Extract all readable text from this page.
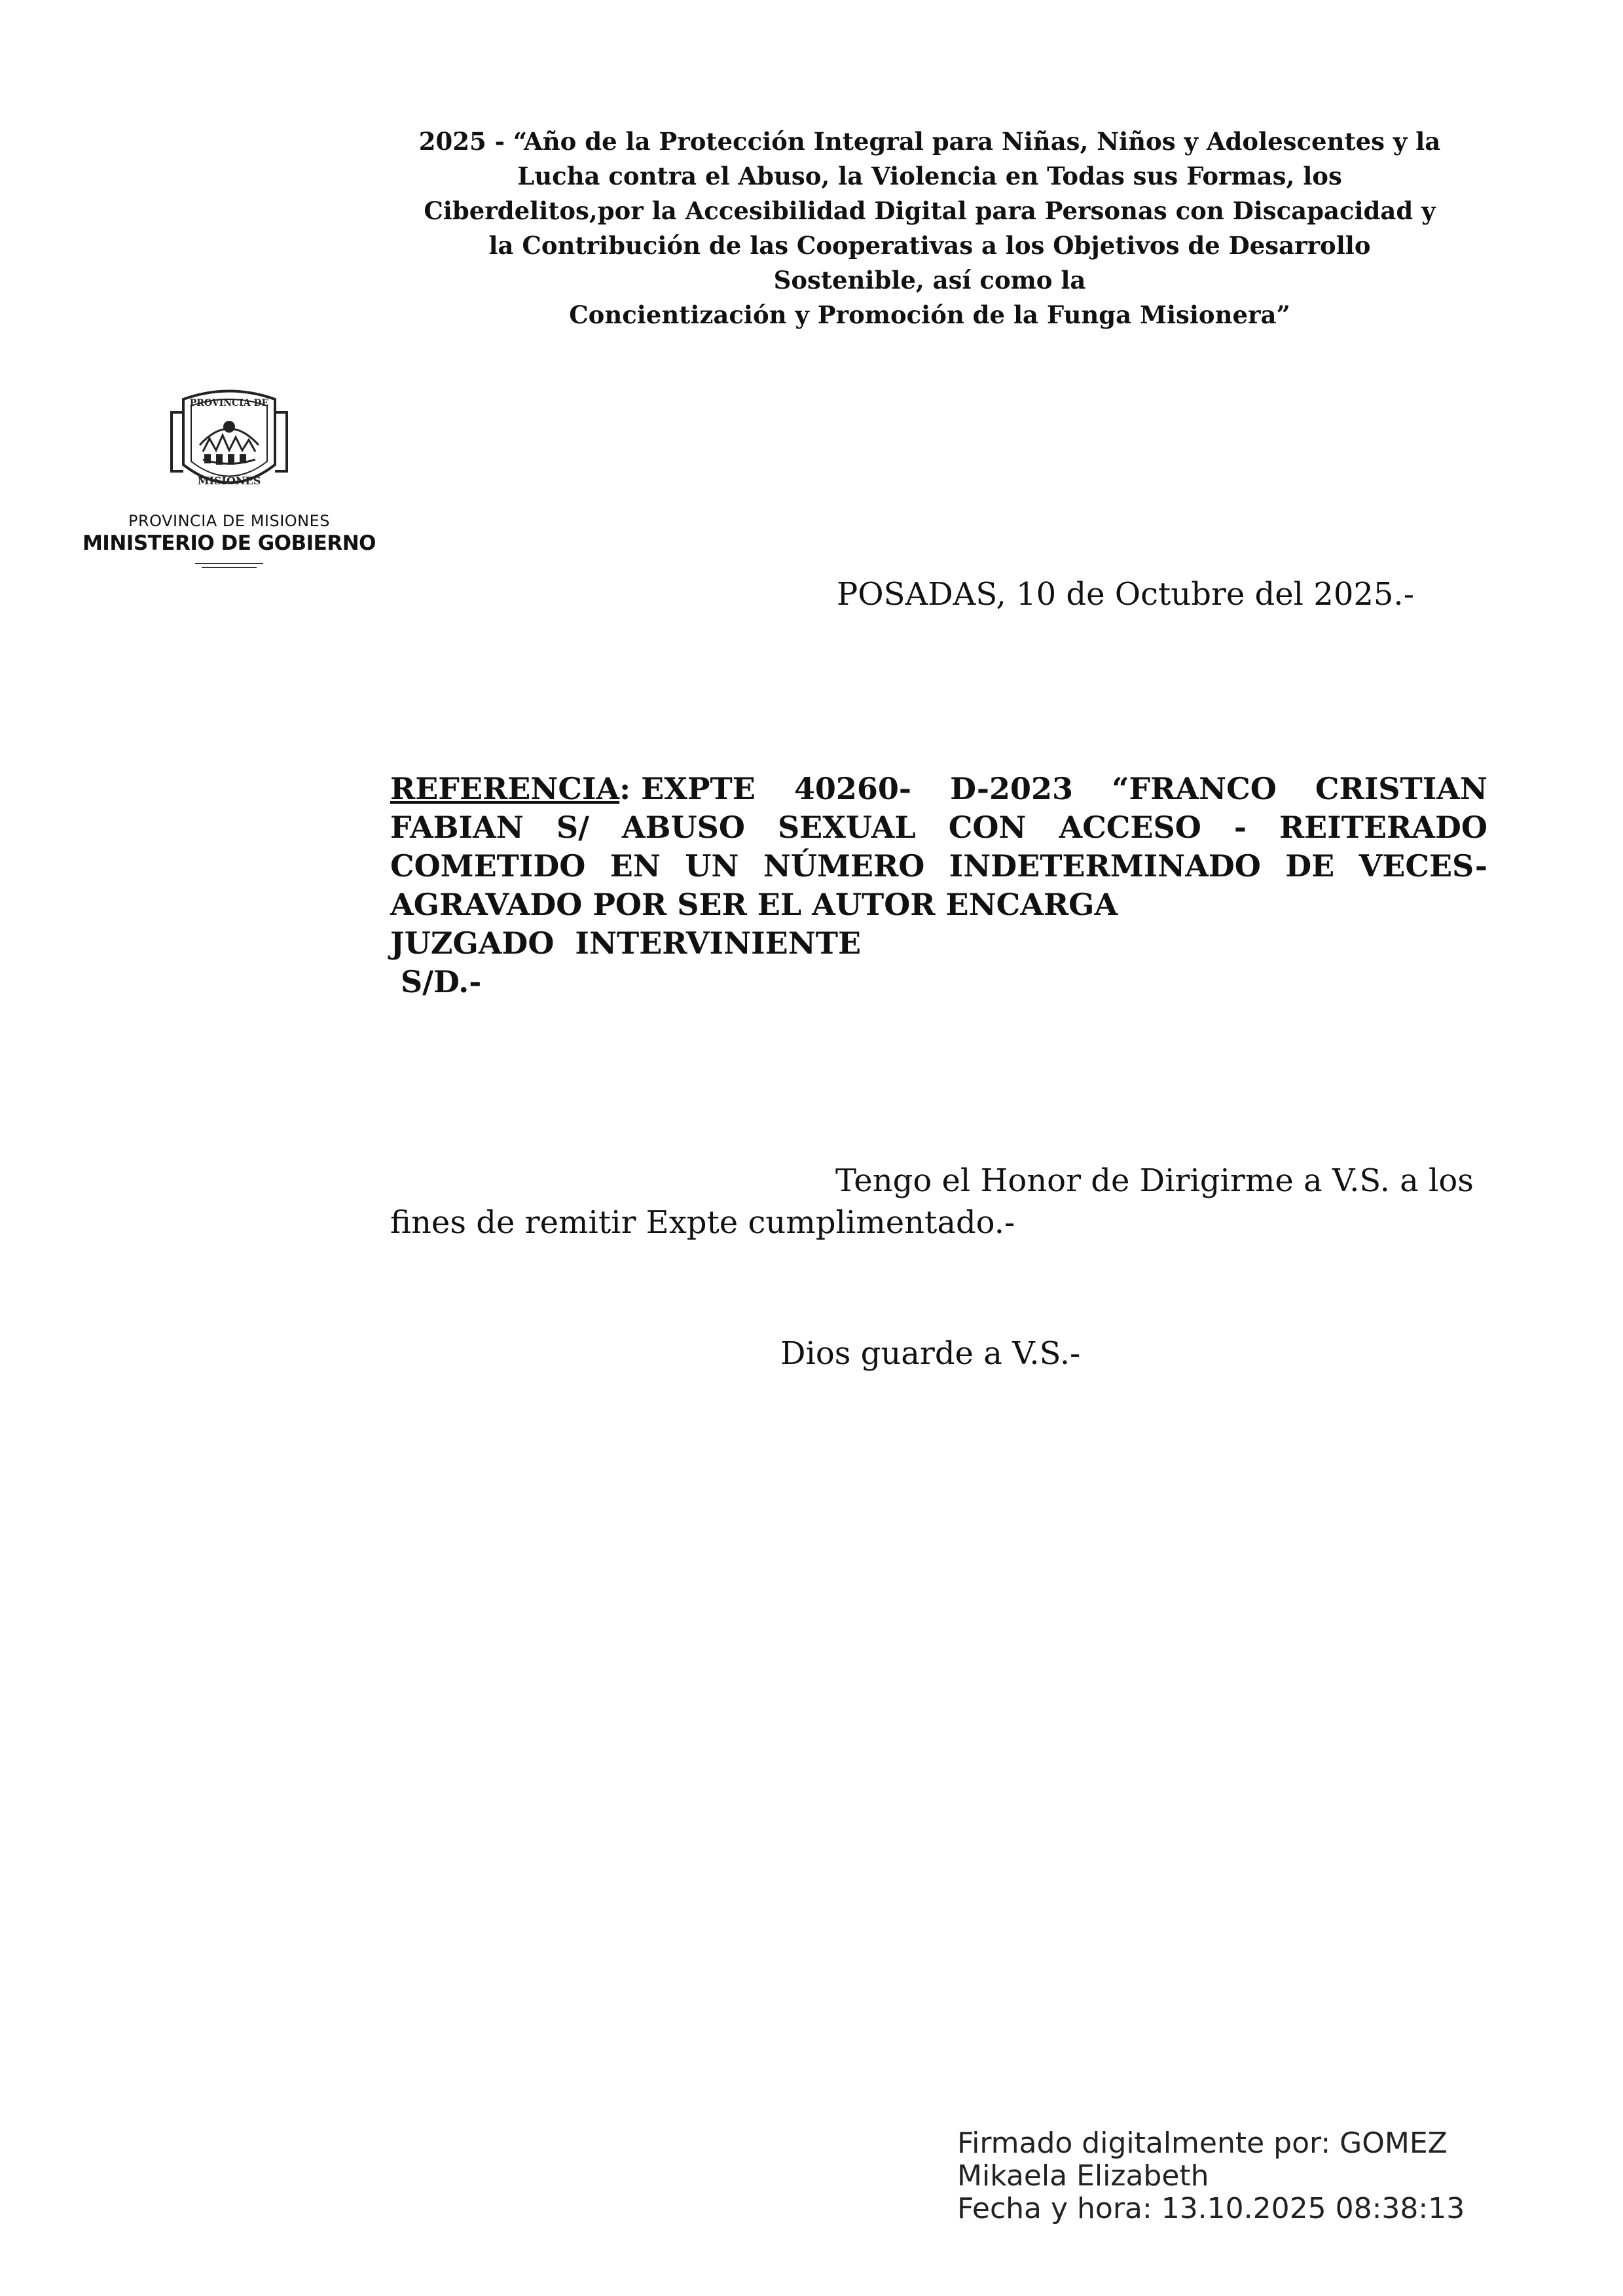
2025 - “Año de la Protección Integral para Niñas, Niños y Adolescentes y la
Lucha contra el Abuso, la Violencia en Todas sus Formas, los
Ciberdelitos,por la Accesibilidad Digital para Personas con Discapacidad y
la Contribución de las Cooperativas a los Objetivos de Desarrollo
Sostenible, así como la
Concientización y Promoción de la Funga Misionera”
PROVINCIA DE
MISIONES
PROVINCIA DE MISIONES
MINISTERIO DE GOBIERNO
POSADAS, 10 de Octubre del 2025.-
REFERENCIA: EXPTE 40260- D-2023 “FRANCO CRISTIAN
FABIAN S/ ABUSO SEXUAL CON ACCESO - REITERADO
COMETIDO EN UN NÚMERO INDETERMINADO DE VECES-
AGRAVADO POR SER EL AUTOR ENCARGA
JUZGADO  INTERVINIENTE
S/D.-
Tengo el Honor de Dirigirme a V.S. a los
fines de remitir Expte cumplimentado.-
Dios guarde a V.S.-
Firmado digitalmente por: GOMEZ
Mikaela Elizabeth
Fecha y hora: 13.10.2025 08:38:13
